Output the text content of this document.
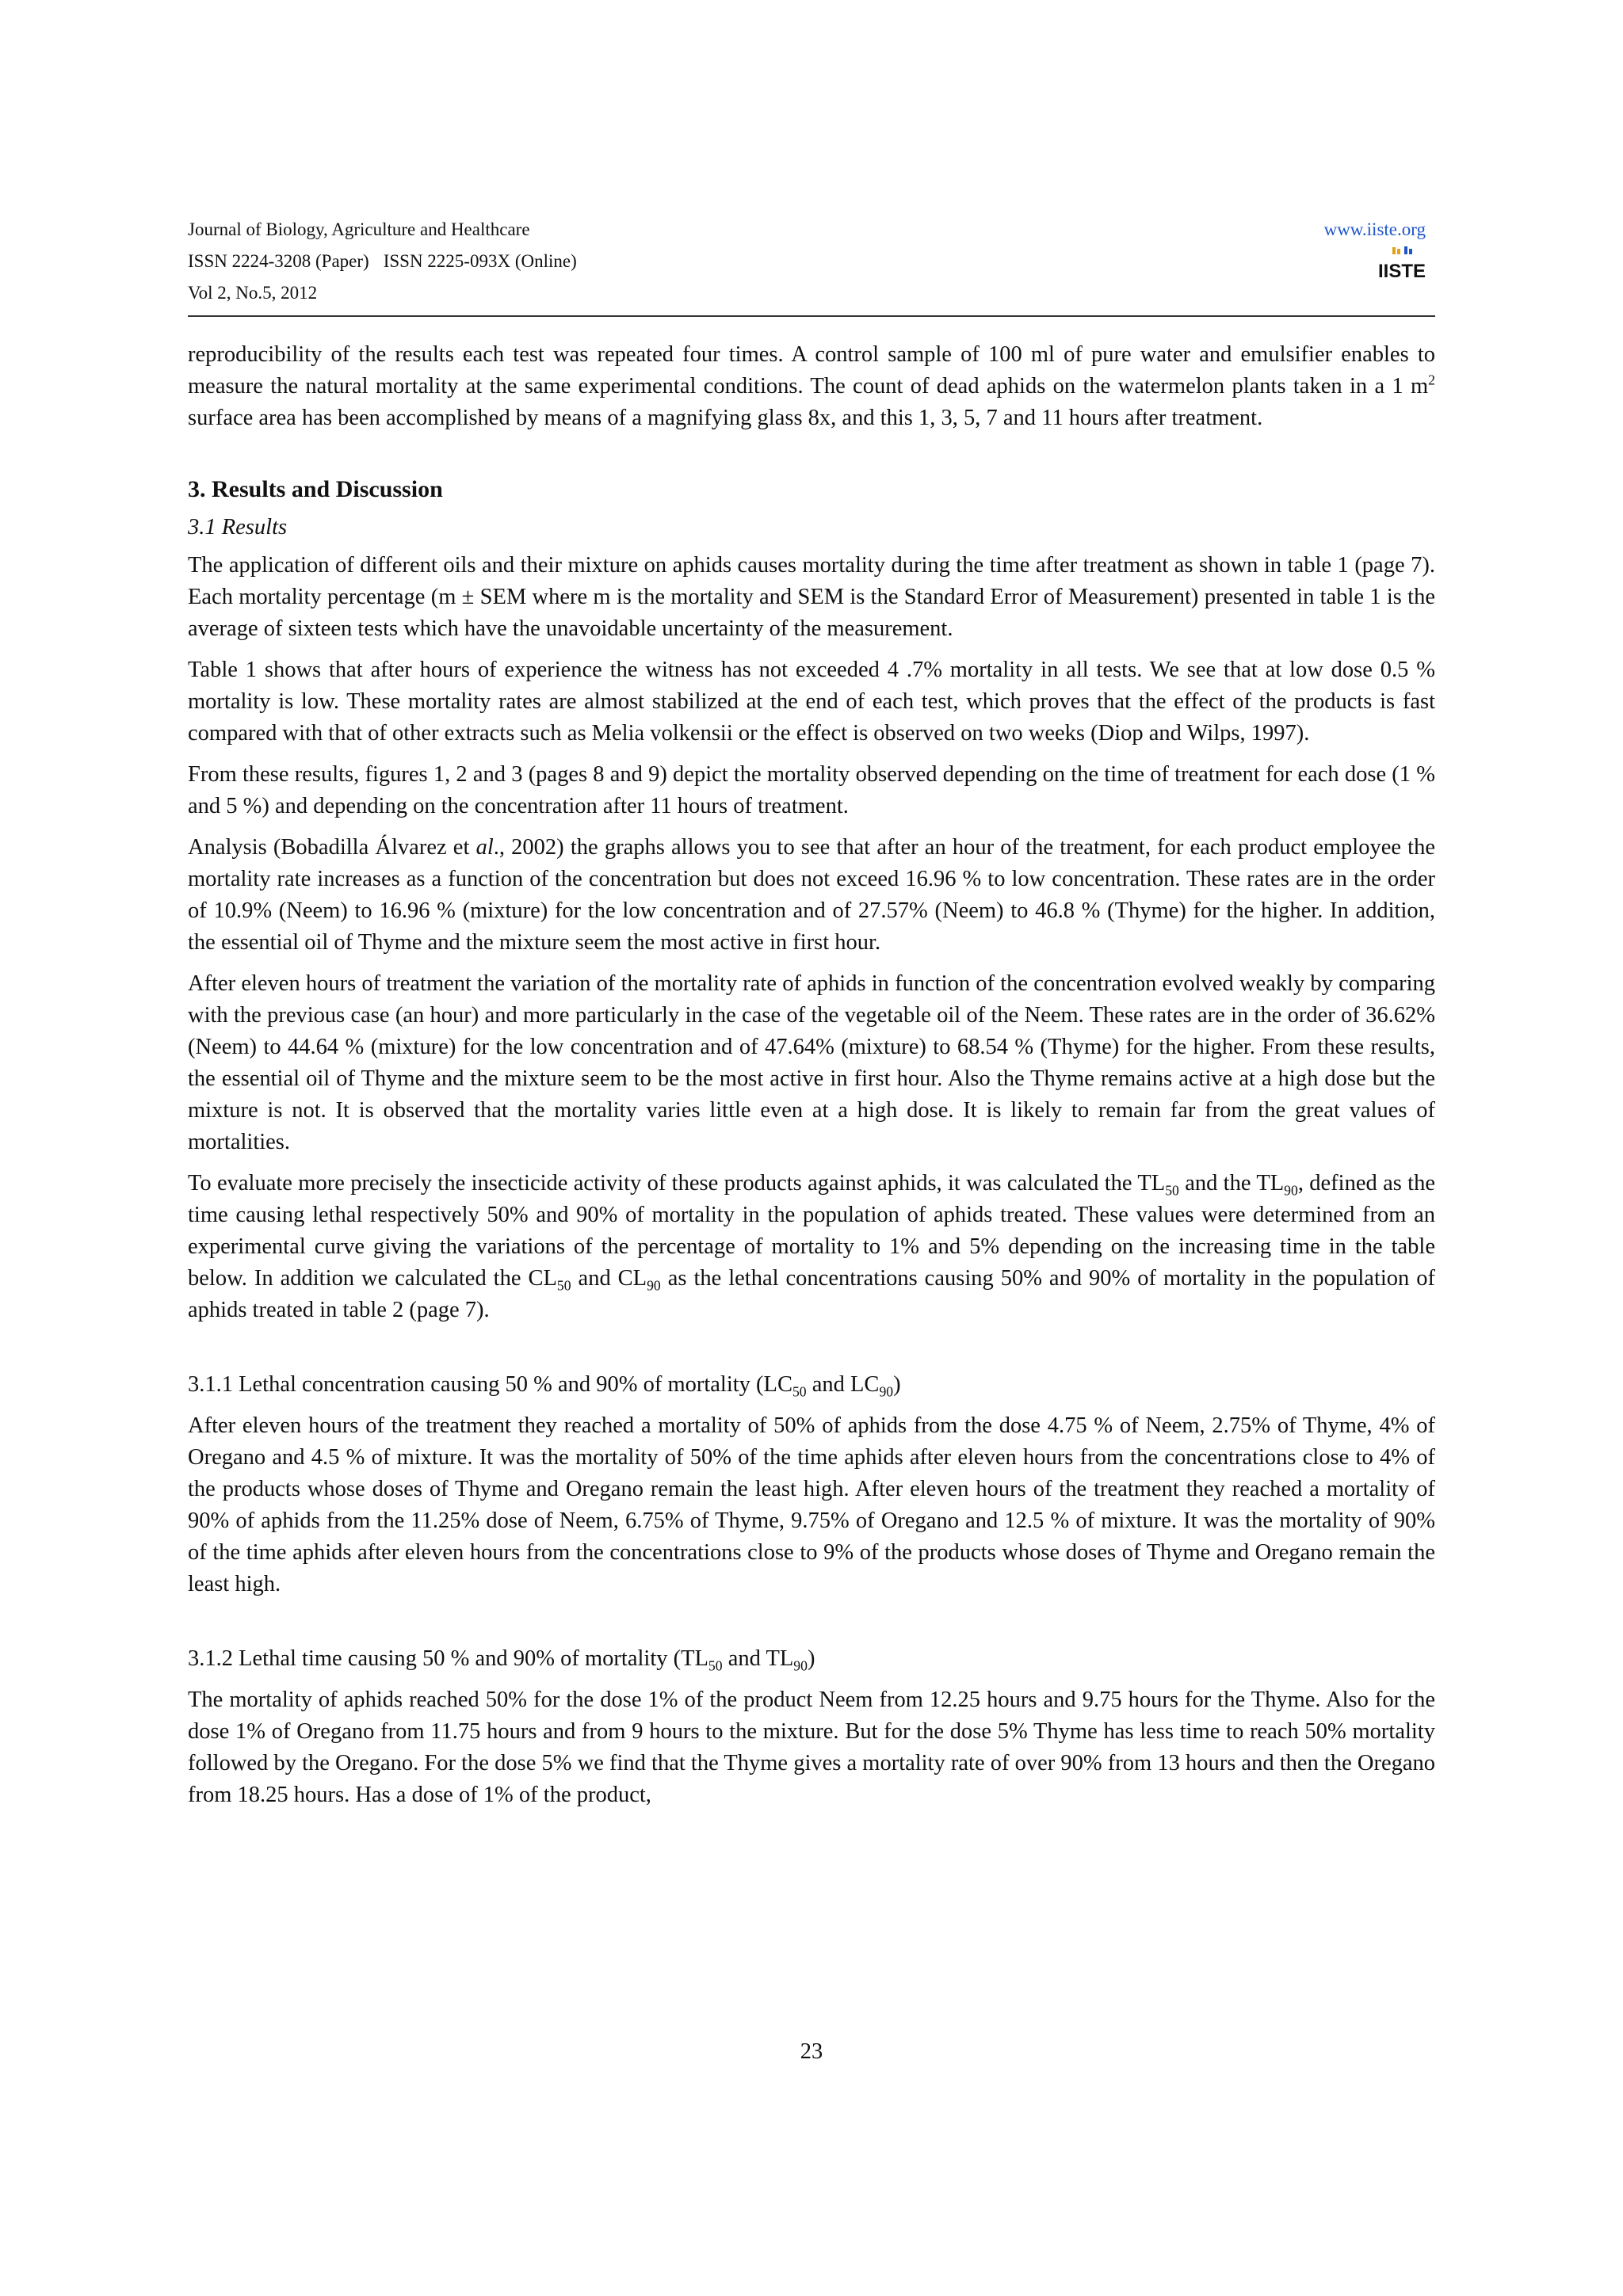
Journal of Biology, Agriculture and Healthcare
ISSN 2224-3208 (Paper) ISSN 2225-093X (Online)
Vol 2, No.5, 2012
www.iiste.org
IISTE

reproducibility of the results each test was repeated four times. A control sample of 100 ml of pure water and emulsifier enables to measure the natural mortality at the same experimental conditions. The count of dead aphids on the watermelon plants taken in a 1 $m^2$ surface area has been accomplished by means of a magnifying glass 8x, and this 1, 3, 5, 7 and 11 hours after treatment.

3. Results and Discussion
3.1 Results

The application of different oils and their mixture on aphids causes mortality during the time after treatment as shown in table 1 (page 7). Each mortality percentage (m ± SEM where m is the mortality and SEM is the Standard Error of Measurement) presented in table 1 is the average of sixteen tests which have the unavoidable uncertainty of the measurement.

Table 1 shows that after hours of experience the witness has not exceeded 4 .7% mortality in all tests. We see that at low dose 0.5 % mortality is low. These mortality rates are almost stabilized at the end of each test, which proves that the effect of the products is fast compared with that of other extracts such as Melia volkensii or the effect is observed on two weeks (Diop and Wilps, 1997).

From these results, figures 1, 2 and 3 (pages 8 and 9) depict the mortality observed depending on the time of treatment for each dose (1 % and 5 %) and depending on the concentration after 11 hours of treatment.

Analysis (Bobadilla Álvarez et al., 2002) the graphs allows you to see that after an hour of the treatment, for each product employee the mortality rate increases as a function of the concentration but does not exceed 16.96 % to low concentration. These rates are in the order of 10.9% (Neem) to 16.96 % (mixture) for the low concentration and of 27.57% (Neem) to 46.8 % (Thyme) for the higher. In addition, the essential oil of Thyme and the mixture seem the most active in first hour.

After eleven hours of treatment the variation of the mortality rate of aphids in function of the concentration evolved weakly by comparing with the previous case (an hour) and more particularly in the case of the vegetable oil of the Neem. These rates are in the order of 36.62% (Neem) to 44.64 % (mixture) for the low concentration and of 47.64% (mixture) to 68.54 % (Thyme) for the higher. From these results, the essential oil of Thyme and the mixture seem to be the most active in first hour. Also the Thyme remains active at a high dose but the mixture is not. It is observed that the mortality varies little even at a high dose. It is likely to remain far from the great values of mortalities.

To evaluate more precisely the insecticide activity of these products against aphids, it was calculated the $TL_{50}$ and the $TL_{90}$, defined as the time causing lethal respectively 50% and 90% of mortality in the population of aphids treated. These values were determined from an experimental curve giving the variations of the percentage of mortality to 1% and 5% depending on the increasing time in the table below. In addition we calculated the $CL_{50}$ and $CL_{90}$ as the lethal concentrations causing 50% and 90% of mortality in the population of aphids treated in table 2 (page 7).

3.1.1 Lethal concentration causing 50 % and 90% of mortality ($LC_{50}$ and $LC_{90}$)

After eleven hours of the treatment they reached a mortality of 50% of aphids from the dose 4.75 % of Neem, 2.75% of Thyme, 4% of Oregano and 4.5 % of mixture. It was the mortality of 50% of the time aphids after eleven hours from the concentrations close to 4% of the products whose doses of Thyme and Oregano remain the least high. After eleven hours of the treatment they reached a mortality of 90% of aphids from the 11.25% dose of Neem, 6.75% of Thyme, 9.75% of Oregano and 12.5 % of mixture. It was the mortality of 90% of the time aphids after eleven hours from the concentrations close to 9% of the products whose doses of Thyme and Oregano remain the least high.

3.1.2 Lethal time causing 50 % and 90% of mortality ($TL_{50}$ and $TL_{90}$)

The mortality of aphids reached 50% for the dose 1% of the product Neem from 12.25 hours and 9.75 hours for the Thyme. Also for the dose 1% of Oregano from 11.75 hours and from 9 hours to the mixture. But for the dose 5% Thyme has less time to reach 50% mortality followed by the Oregano. For the dose 5% we find that the Thyme gives a mortality rate of over 90% from 13 hours and then the Oregano from 18.25 hours. Has a dose of 1% of the product,

23
